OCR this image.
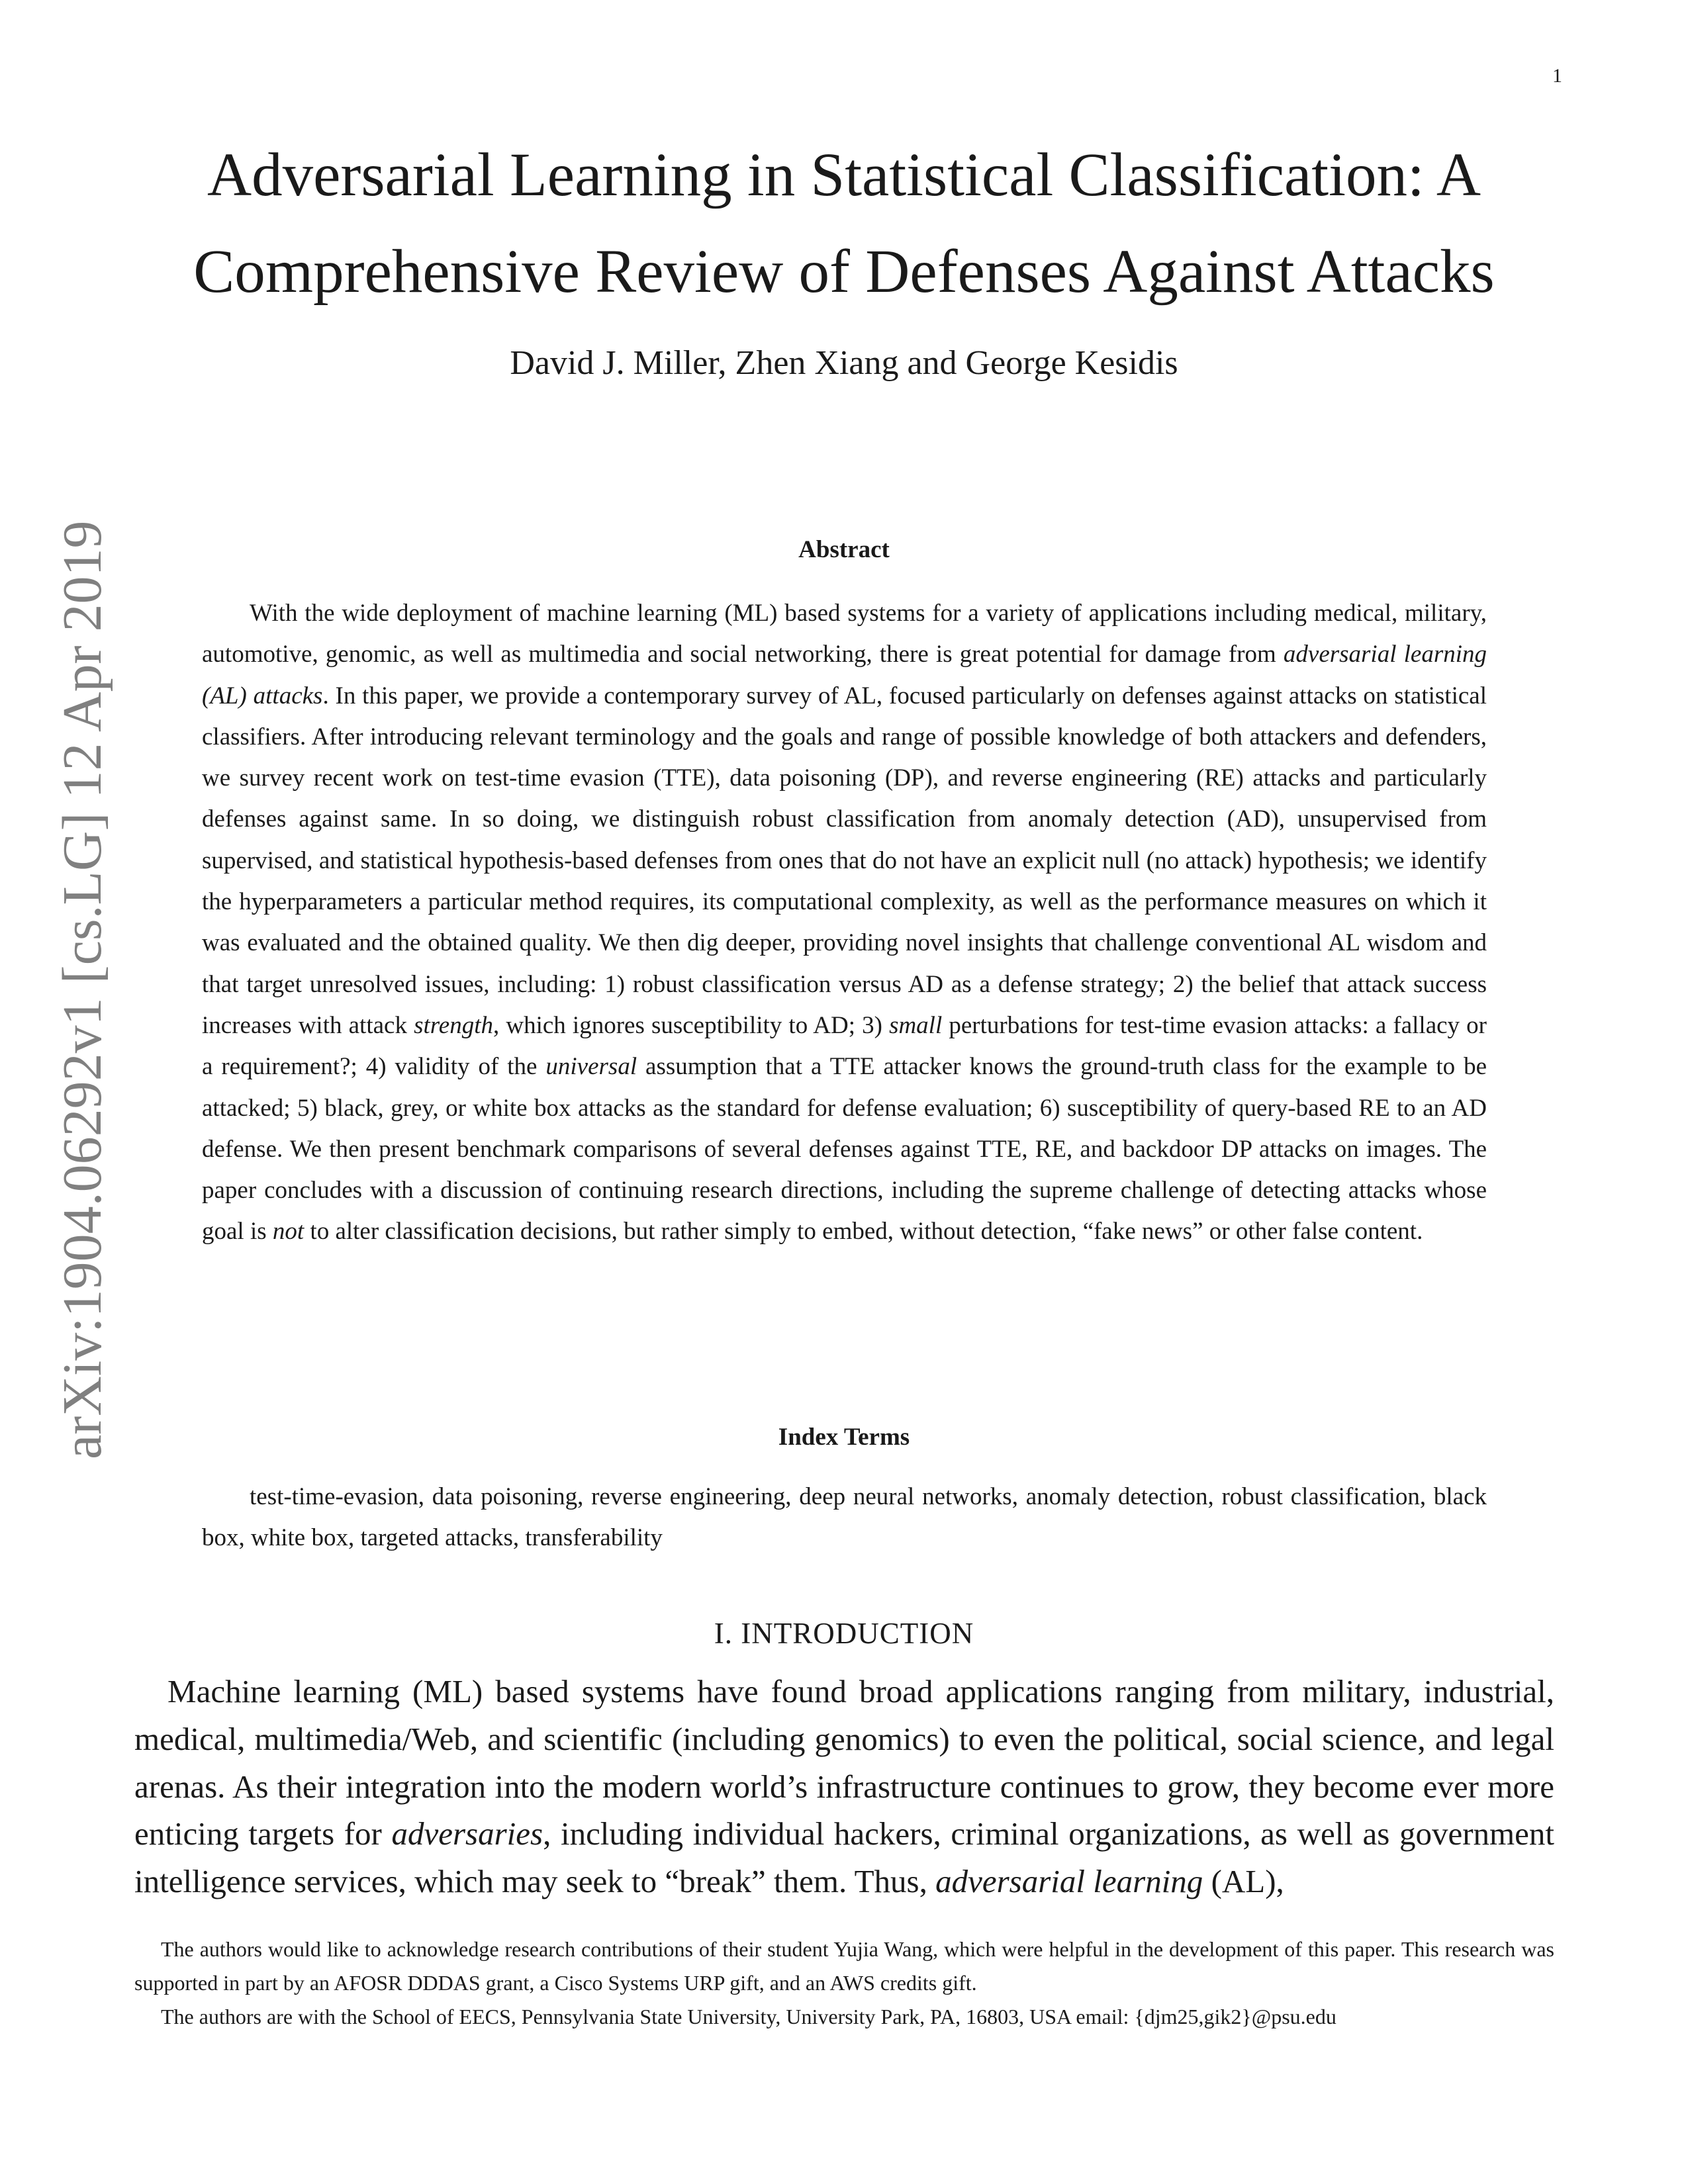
1
arXiv:1904.06292v1 [cs.LG] 12 Apr 2019
Adversarial Learning in Statistical Classification: A Comprehensive Review of Defenses Against Attacks
David J. Miller, Zhen Xiang and George Kesidis
Abstract

With the wide deployment of machine learning (ML) based systems for a variety of applications including medical, military, automotive, genomic, as well as multimedia and social networking, there is great potential for damage from adversarial learning (AL) attacks. In this paper, we provide a contemporary survey of AL, focused particularly on defenses against attacks on statistical classifiers. After introducing relevant terminology and the goals and range of possible knowledge of both attackers and defenders, we survey recent work on test-time evasion (TTE), data poisoning (DP), and reverse engineering (RE) attacks and particularly defenses against same. In so doing, we distinguish robust classification from anomaly detection (AD), unsupervised from supervised, and statistical hypothesis-based defenses from ones that do not have an explicit null (no attack) hypothesis; we identify the hyperparameters a particular method requires, its computational complexity, as well as the performance measures on which it was evaluated and the obtained quality. We then dig deeper, providing novel insights that challenge conventional AL wisdom and that target unresolved issues, including: 1) robust classification versus AD as a defense strategy; 2) the belief that attack success increases with attack strength, which ignores susceptibility to AD; 3) small perturbations for test-time evasion attacks: a fallacy or a requirement?; 4) validity of the universal assumption that a TTE attacker knows the ground-truth class for the example to be attacked; 5) black, grey, or white box attacks as the standard for defense evaluation; 6) susceptibility of query-based RE to an AD defense. We then present benchmark comparisons of several defenses against TTE, RE, and backdoor DP attacks on images. The paper concludes with a discussion of continuing research directions, including the supreme challenge of detecting attacks whose goal is not to alter classification decisions, but rather simply to embed, without detection, “fake news” or other false content.

Index Terms

test-time-evasion, data poisoning, reverse engineering, deep neural networks, anomaly detection, robust classification, black box, white box, targeted attacks, transferability

I. INTRODUCTION

Machine learning (ML) based systems have found broad applications ranging from military, industrial, medical, multimedia/Web, and scientific (including genomics) to even the political, social science, and legal arenas. As their integration into the modern world’s infrastructure continues to grow, they become ever more enticing targets for adversaries, including individual hackers, criminal organizations, as well as government intelligence services, which may seek to “break” them. Thus, adversarial learning (AL),

The authors would like to acknowledge research contributions of their student Yujia Wang, which were helpful in the development of this paper. This research was supported in part by an AFOSR DDDAS grant, a Cisco Systems URP gift, and an AWS credits gift.

The authors are with the School of EECS, Pennsylvania State University, University Park, PA, 16803, USA email: {djm25,gik2}@psu.edu
